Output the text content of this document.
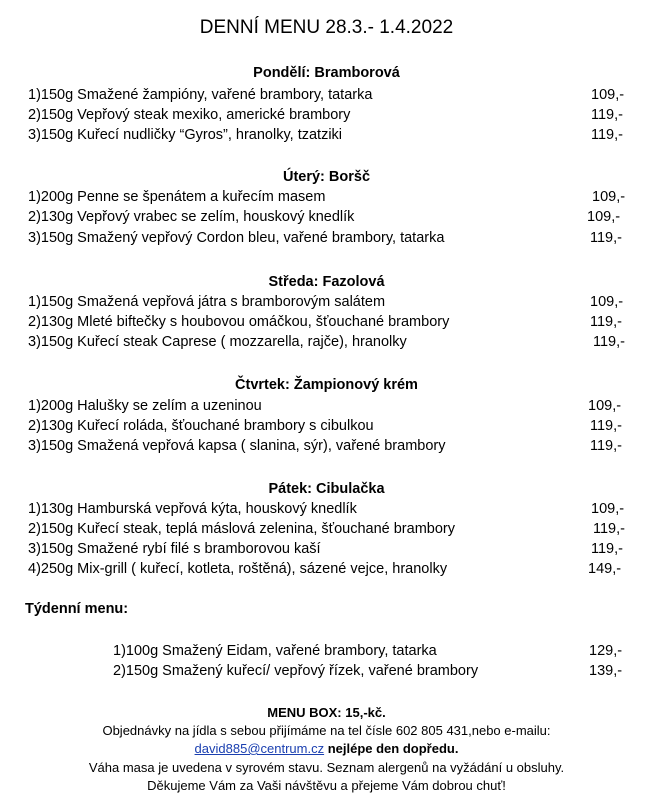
DENNÍ MENU 28.3.- 1.4.2022
Pondělí: Bramborová
1)150g Smažené žampióny, vařené brambory, tatarka	109,-
2)150g Vepřový steak mexiko, americké brambory	119,-
3)150g Kuřecí nudličky “Gyros”, hranolky, tzatziki	119,-
Úterý: Boršč
1)200g Penne se špenátem a kuřecím masem	109,-
2)130g Vepřový vrabec se zelím, houskový knedlík	109,-
3)150g Smažený vepřový Cordon bleu, vařené brambory, tatarka	119,-
Středa: Fazolová
1)150g Smažená vepřová játra s bramborovým salátem	109,-
2)130g Mleté biftečky s houbovou omáčkou, šťouchané brambory	119,-
3)150g Kuřecí steak Caprese ( mozzarella, rajče), hranolky	119,-
Čtvrtek: Žampionový krém
1)200g Halušky se zelím a uzeninou	109,-
2)130g Kuřecí roláda, šťouchané brambory s cibulkou	119,-
3)150g Smažená vepřová kapsa ( slanina, sýr), vařené brambory	119,-
Pátek: Cibulačka
1)130g Hamburská vepřová kýta, houskový knedlík	109,-
2)150g Kuřecí steak, teplá máslová zelenina, šťouchané brambory	119,-
3)150g Smažené rybí filé s bramborovou kaší	119,-
4)250g Mix-grill ( kuřecí, kotleta, roštěná), sázené vejce, hranolky	149,-
Týdenní menu:
1)100g Smažený Eidam, vařené brambory, tatarka	129,-
2)150g Smažený kuřecí/ vepřový řízek, vařené brambory	139,-
MENU BOX: 15,-kč.
Objednávky na jídla s sebou přijímáme na tel čísle 602 805 431,nebo e-mailu:
david885@centrum.cz nejlépe den dopředu.
Váha masa je uvedena v syrovém stavu. Seznam alergenů na vyžádání u obsluhy.
Děkujeme Vám za Vaši návštěvu a přejeme Vám dobrou chuť!
